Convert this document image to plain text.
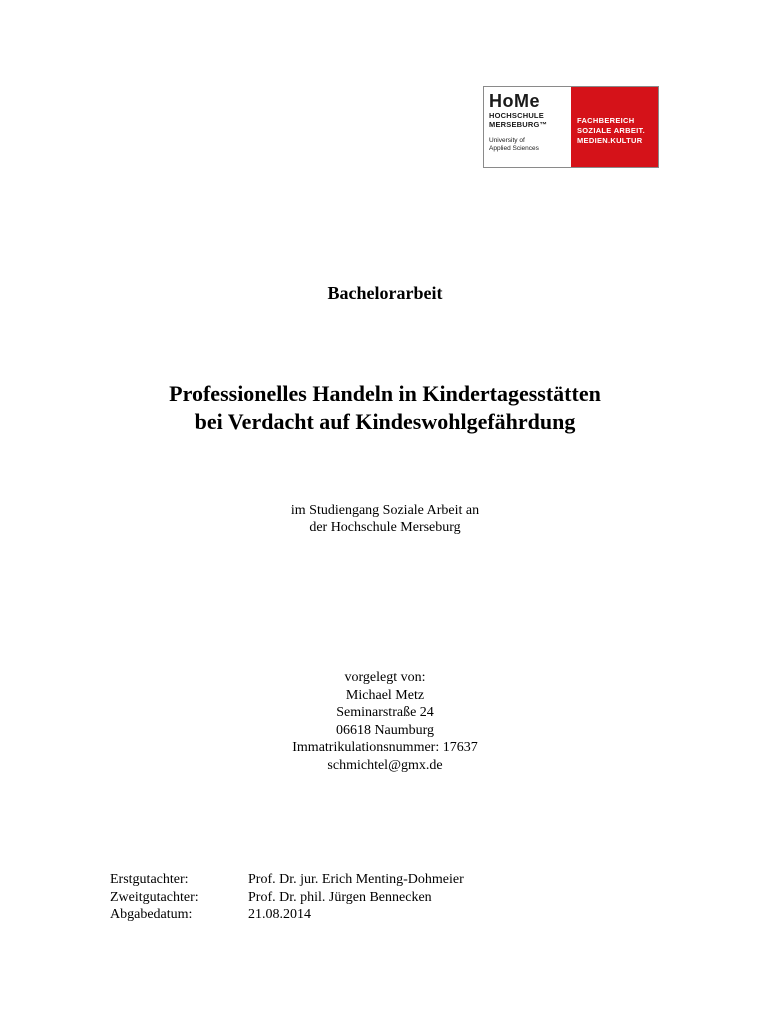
HoMe
HOCHSCHULE
MERSEBURG™
University of
Applied Sciences
FACHBEREICH
SOZIALE ARBEIT.
MEDIEN.KULTUR
Bachelorarbeit
Professionelles Handeln in Kindertagesstätten
bei Verdacht auf Kindeswohlgefährdung
im Studiengang Soziale Arbeit an
der Hochschule Merseburg
vorgelegt von:
Michael Metz
Seminarstraße 24
06618 Naumburg
Immatrikulationsnummer: 17637
schmichtel@gmx.de
Erstgutachter:	Prof. Dr. jur. Erich Menting-Dohmeier
Zweitgutachter:	Prof. Dr. phil. Jürgen Bennecken
Abgabedatum:	21.08.2014
